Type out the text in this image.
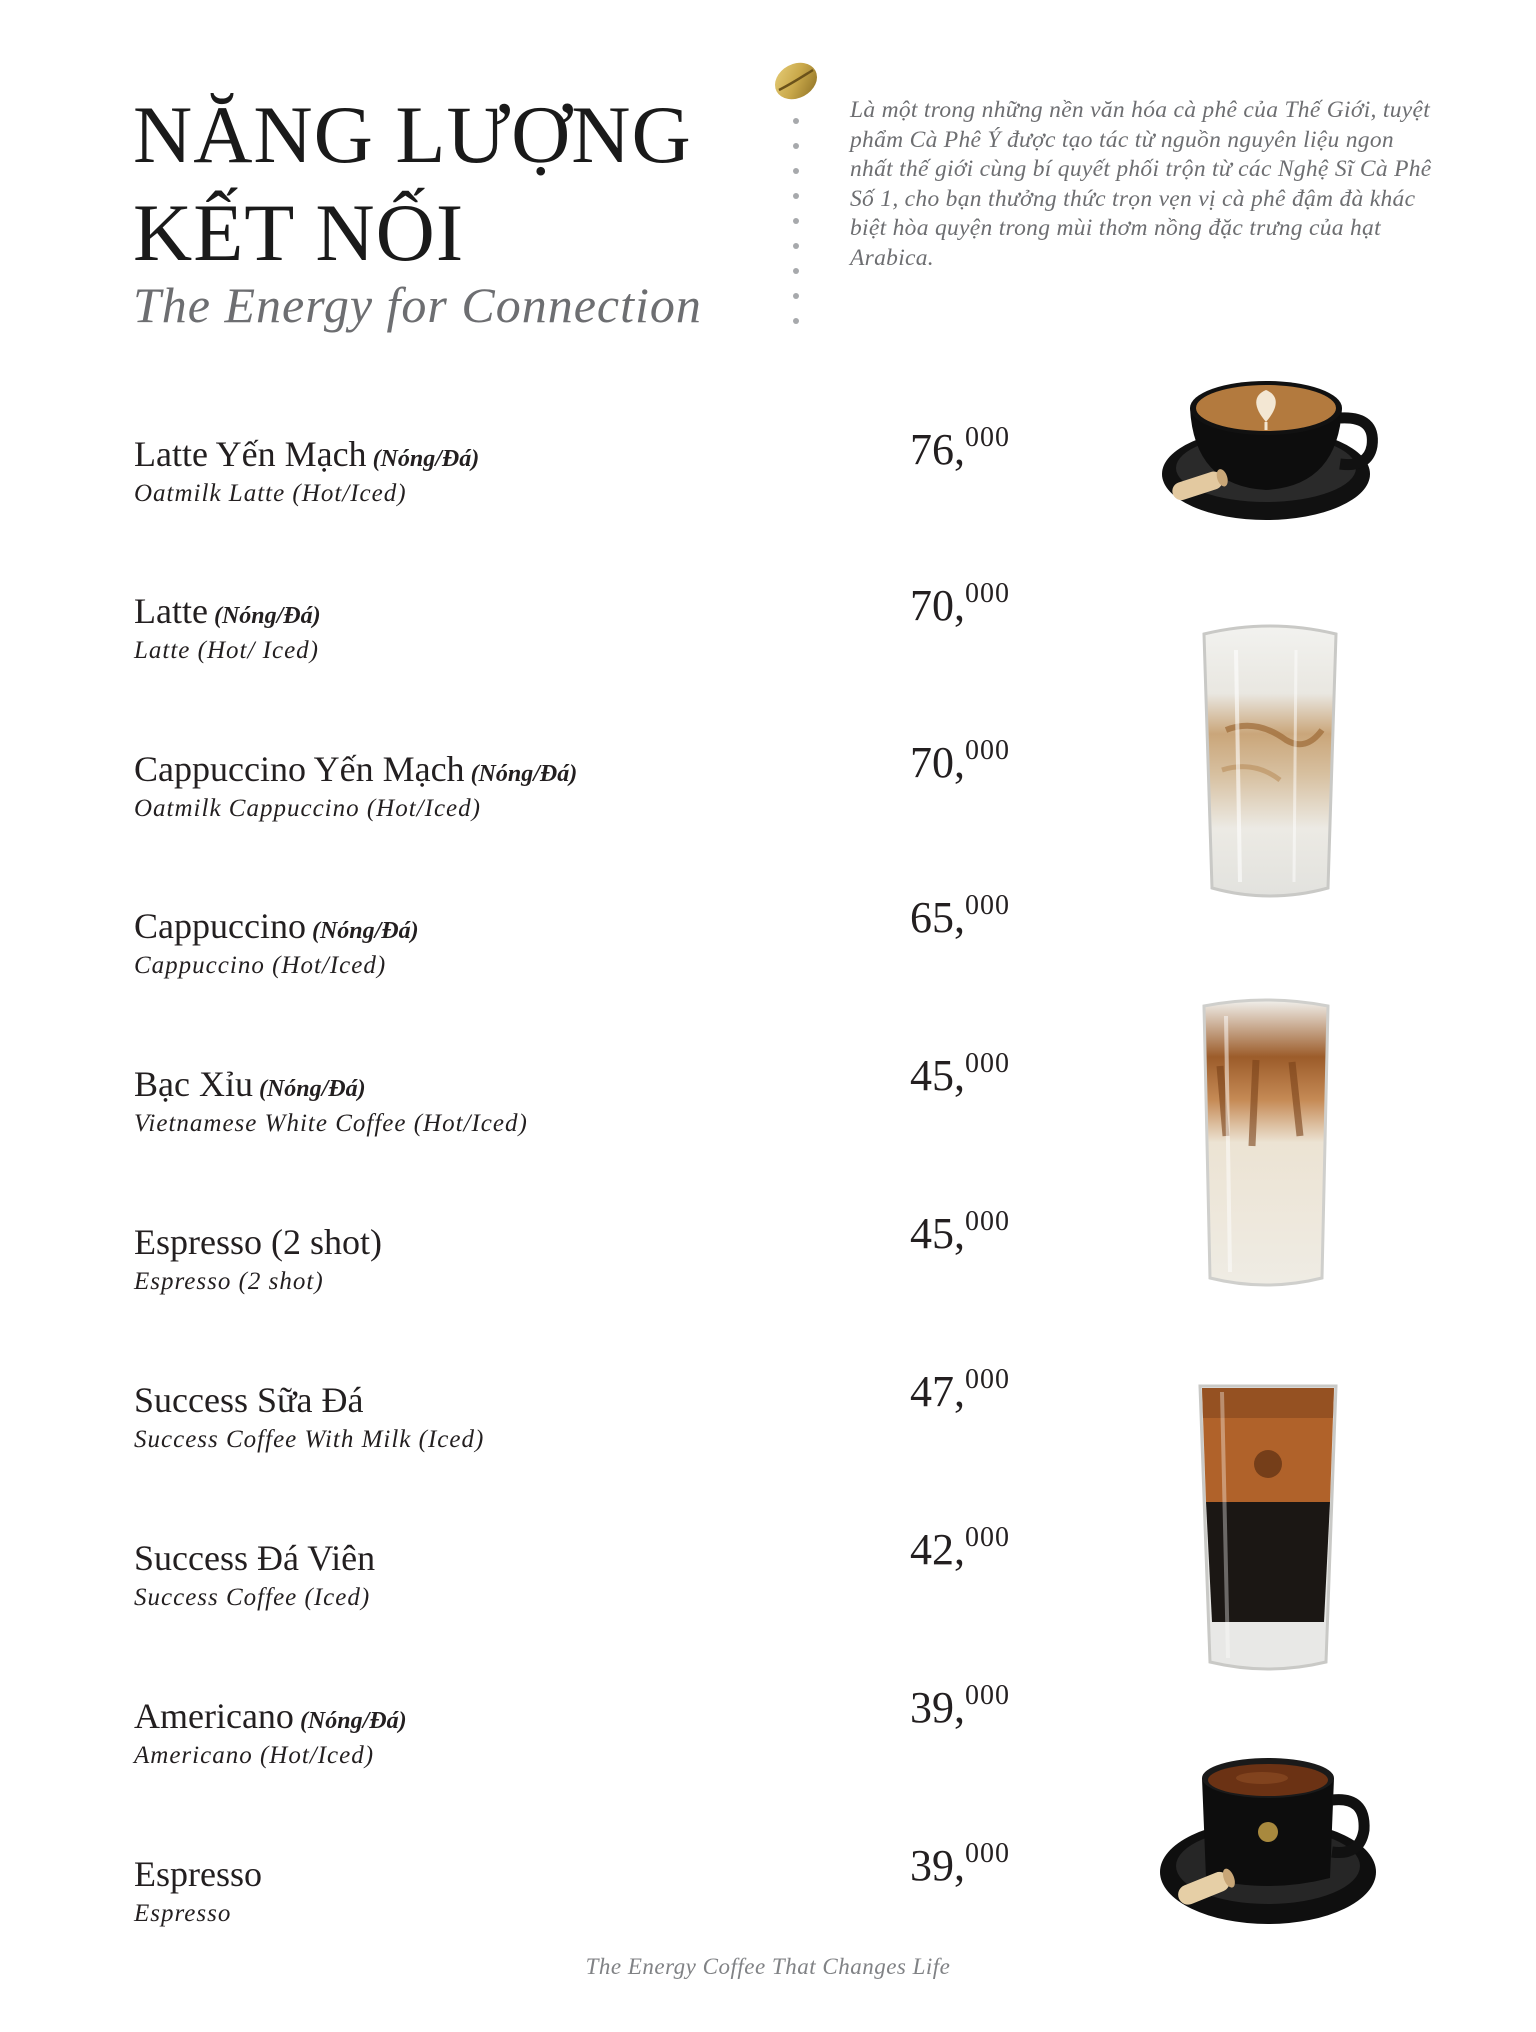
NĂNG LƯỢNG
KẾT NỐI
The Energy for Connection
Là một trong những nền văn hóa cà phê của Thế Giới, tuyệt phẩm Cà Phê Ý được tạo tác từ nguồn nguyên liệu ngon nhất thế giới cùng bí quyết phối trộn từ các Nghệ Sĩ Cà Phê Số 1, cho bạn thưởng thức trọn vẹn vị cà phê đậm đà khác biệt hòa quyện trong mùi thơm nồng đặc trưng của hạt Arabica.
Latte Yến Mạch (Nóng/Đá)
Oatmilk Latte (Hot/Iced)
76,$^{000}$
Latte (Nóng/Đá)
Latte (Hot/ Iced)
70,$^{000}$
Cappuccino Yến Mạch (Nóng/Đá)
Oatmilk Cappuccino (Hot/Iced)
70,$^{000}$
Cappuccino (Nóng/Đá)
Cappuccino (Hot/Iced)
65,$^{000}$
Bạc Xỉu (Nóng/Đá)
Vietnamese White Coffee (Hot/Iced)
45,$^{000}$
Espresso (2 shot)
Espresso (2 shot)
45,$^{000}$
Success Sữa Đá
Success Coffee With Milk (Iced)
47,$^{000}$
Success Đá Viên
Success Coffee (Iced)
42,$^{000}$
Americano (Nóng/Đá)
Americano (Hot/Iced)
39,$^{000}$
Espresso
Espresso
39,$^{000}$
The Energy Coffee That Changes Life
